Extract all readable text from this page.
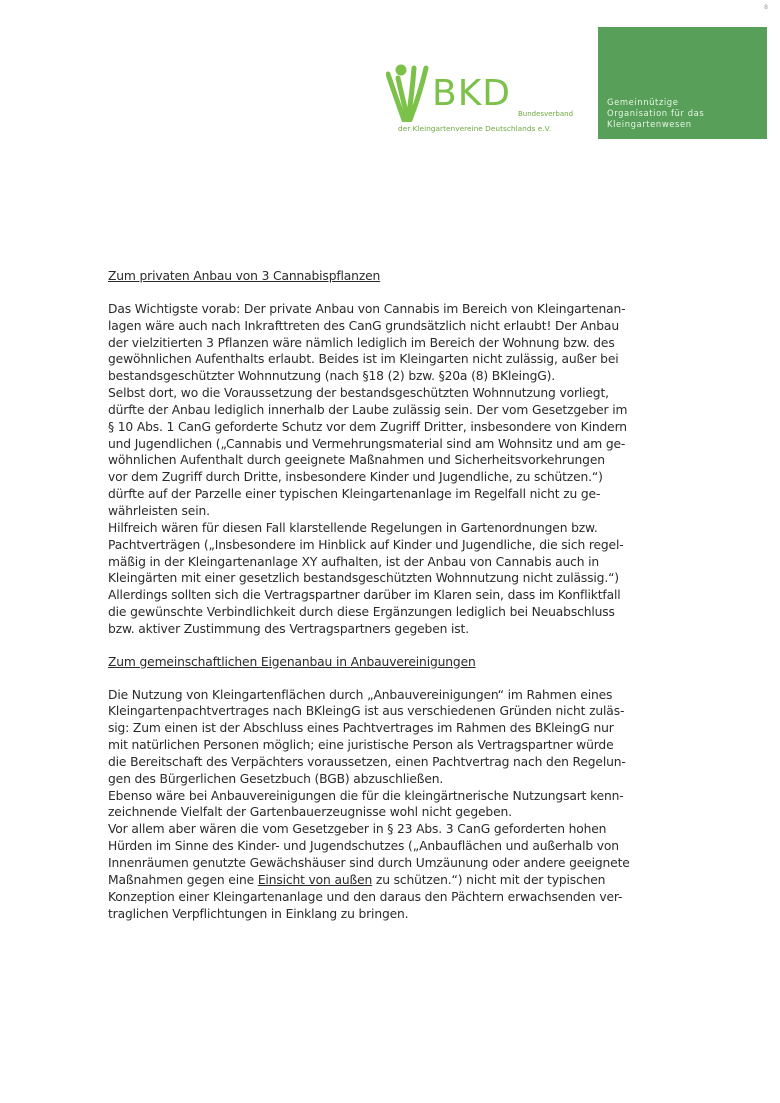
8
BKD Bundesverband
der Kleingartenvereine Deutschlands e.V.
Gemeinnützige
Organisation für das
Kleingartenwesen

Zum privaten Anbau von 3 Cannabispflanzen

Das Wichtigste vorab: Der private Anbau von Cannabis im Bereich von Kleingartenan-
lagen wäre auch nach Inkrafttreten des CanG grundsätzlich nicht erlaubt! Der Anbau
der vielzitierten 3 Pflanzen wäre nämlich lediglich im Bereich der Wohnung bzw. des
gewöhnlichen Aufenthalts erlaubt. Beides ist im Kleingarten nicht zulässig, außer bei
bestandsgeschützter Wohnnutzung (nach §18 (2) bzw. §20a (8) BKleingG).
Selbst dort, wo die Voraussetzung der bestandsgeschützten Wohnnutzung vorliegt,
dürfte der Anbau lediglich innerhalb der Laube zulässig sein. Der vom Gesetzgeber im
§ 10 Abs. 1 CanG geforderte Schutz vor dem Zugriff Dritter, insbesondere von Kindern
und Jugendlichen („Cannabis und Vermehrungsmaterial sind am Wohnsitz und am ge-
wöhnlichen Aufenthalt durch geeignete Maßnahmen und Sicherheitsvorkehrungen
vor dem Zugriff durch Dritte, insbesondere Kinder und Jugendliche, zu schützen.“)
dürfte auf der Parzelle einer typischen Kleingartenanlage im Regelfall nicht zu ge-
währleisten sein.
Hilfreich wären für diesen Fall klarstellende Regelungen in Gartenordnungen bzw.
Pachtverträgen („Insbesondere im Hinblick auf Kinder und Jugendliche, die sich regel-
mäßig in der Kleingartenanlage XY aufhalten, ist der Anbau von Cannabis auch in
Kleingärten mit einer gesetzlich bestandsgeschützten Wohnnutzung nicht zulässig.“)
Allerdings sollten sich die Vertragspartner darüber im Klaren sein, dass im Konfliktfall
die gewünschte Verbindlichkeit durch diese Ergänzungen lediglich bei Neuabschluss
bzw. aktiver Zustimmung des Vertragspartners gegeben ist.

Zum gemeinschaftlichen Eigenanbau in Anbauvereinigungen

Die Nutzung von Kleingartenflächen durch „Anbauvereinigungen“ im Rahmen eines
Kleingartenpachtvertrages nach BKleingG ist aus verschiedenen Gründen nicht zuläs-
sig: Zum einen ist der Abschluss eines Pachtvertrages im Rahmen des BKleingG nur
mit natürlichen Personen möglich; eine juristische Person als Vertragspartner würde
die Bereitschaft des Verpächters voraussetzen, einen Pachtvertrag nach den Regelun-
gen des Bürgerlichen Gesetzbuch (BGB) abzuschließen.
Ebenso wäre bei Anbauvereinigungen die für die kleingärtnerische Nutzungsart kenn-
zeichnende Vielfalt der Gartenbauerzeugnisse wohl nicht gegeben.
Vor allem aber wären die vom Gesetzgeber in § 23 Abs. 3 CanG geforderten hohen
Hürden im Sinne des Kinder- und Jugendschutzes („Anbauflächen und außerhalb von
Innenräumen genutzte Gewächshäuser sind durch Umzäunung oder andere geeignete
Maßnahmen gegen eine Einsicht von außen zu schützen.“) nicht mit der typischen
Konzeption einer Kleingartenanlage und den daraus den Pächtern erwachsenden ver-
traglichen Verpflichtungen in Einklang zu bringen.
